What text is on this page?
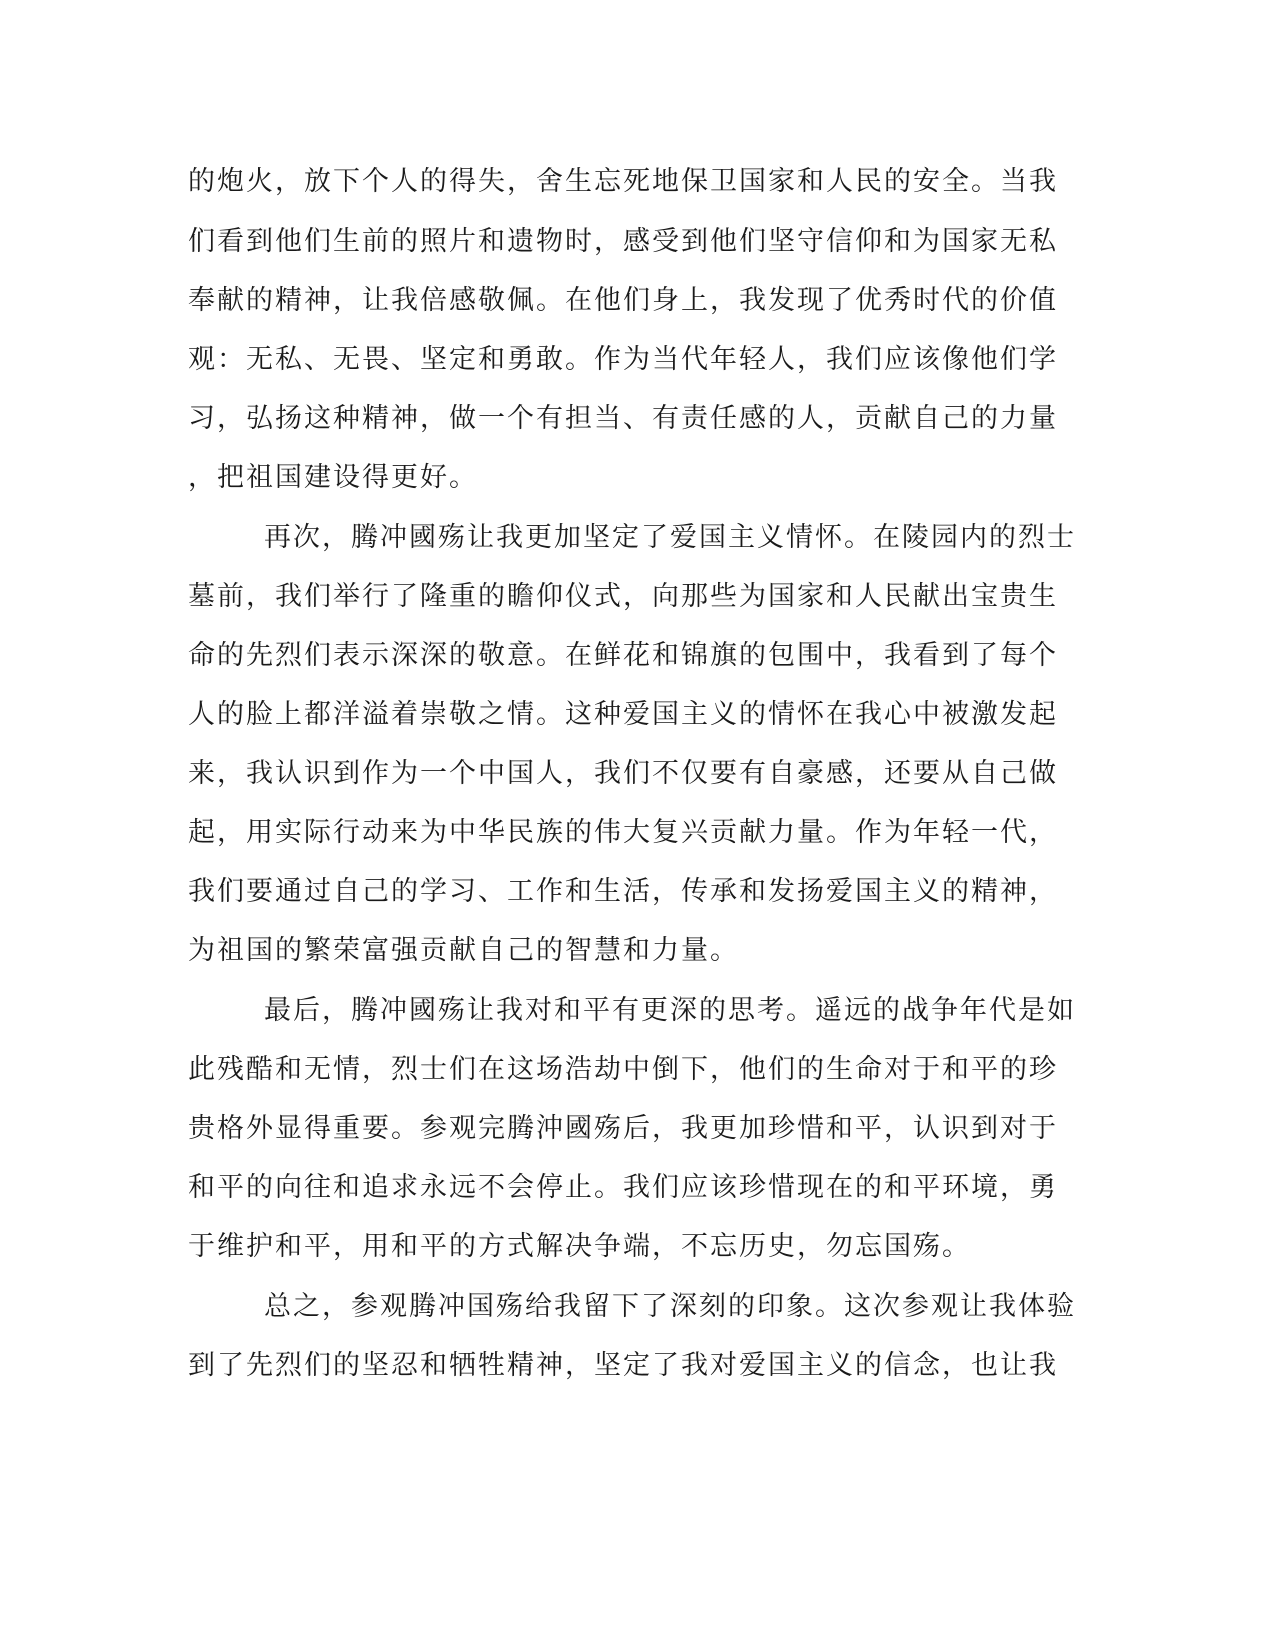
的炮火，放下个人的得失，舍生忘死地保卫国家和人民的安全。当我
们看到他们生前的照片和遗物时，感受到他们坚守信仰和为国家无私
奉献的精神，让我倍感敬佩。在他们身上，我发现了优秀时代的价值
观：无私、无畏、坚定和勇敢。作为当代年轻人，我们应该像他们学
习，弘扬这种精神，做一个有担当、有责任感的人，贡献自己的力量
，把祖国建设得更好。
再次，腾冲國殇让我更加坚定了爱国主义情怀。在陵园内的烈士
墓前，我们举行了隆重的瞻仰仪式，向那些为国家和人民献出宝贵生
命的先烈们表示深深的敬意。在鲜花和锦旗的包围中，我看到了每个
人的脸上都洋溢着崇敬之情。这种爱国主义的情怀在我心中被激发起
来，我认识到作为一个中国人，我们不仅要有自豪感，还要从自己做
起，用实际行动来为中华民族的伟大复兴贡献力量。作为年轻一代，
我们要通过自己的学习、工作和生活，传承和发扬爱国主义的精神，
为祖国的繁荣富强贡献自己的智慧和力量。
最后，腾冲國殇让我对和平有更深的思考。遥远的战争年代是如
此残酷和无情，烈士们在这场浩劫中倒下，他们的生命对于和平的珍
贵格外显得重要。参观完腾沖國殇后，我更加珍惜和平，认识到对于
和平的向往和追求永远不会停止。我们应该珍惜现在的和平环境，勇
于维护和平，用和平的方式解决争端，不忘历史，勿忘国殇。
总之，参观腾冲国殇给我留下了深刻的印象。这次参观让我体验
到了先烈们的坚忍和牺牲精神，坚定了我对爱国主义的信念，也让我
